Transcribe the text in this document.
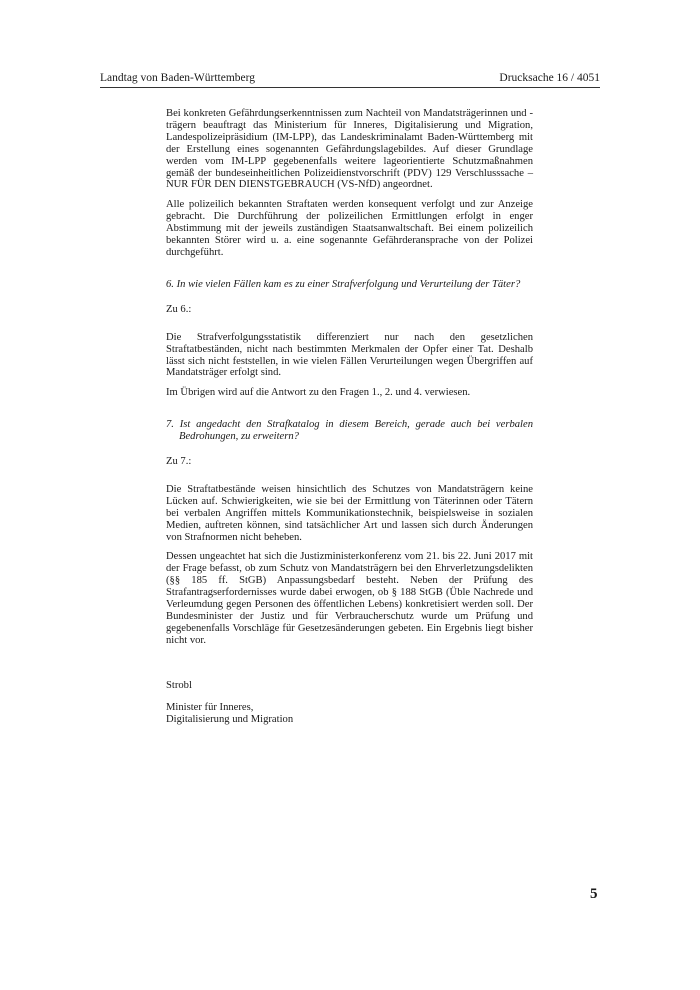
Landtag von Baden-Württemberg	Drucksache 16 / 4051

Bei konkreten Gefährdungserkenntnissen zum Nachteil von Mandatsträgerinnen und -trägern beauftragt das Ministerium für Inneres, Digitalisierung und Migration, Landespolizeipräsidium (IM-LPP), das Landeskriminalamt Baden-Württemberg mit der Erstellung eines sogenannten Gefährdungslagebildes. Auf dieser Grundlage werden vom IM-LPP gegebenenfalls weitere lageorientierte Schutzmaßnahmen gemäß der bundeseinheitlichen Polizeidienstvorschrift (PDV) 129 Verschlusssache – NUR FÜR DEN DIENSTGEBRAUCH (VS-NfD) angeordnet.

Alle polizeilich bekannten Straftaten werden konsequent verfolgt und zur Anzeige gebracht. Die Durchführung der polizeilichen Ermittlungen erfolgt in enger Abstimmung mit der jeweils zuständigen Staatsanwaltschaft. Bei einem polizeilich bekannten Störer wird u. a. eine sogenannte Gefährderansprache von der Polizei durchgeführt.

6. In wie vielen Fällen kam es zu einer Strafverfolgung und Verurteilung der Täter?

Zu 6.:

Die Strafverfolgungsstatistik differenziert nur nach den gesetzlichen Straftatbeständen, nicht nach bestimmten Merkmalen der Opfer einer Tat. Deshalb lässt sich nicht feststellen, in wie vielen Fällen Verurteilungen wegen Übergriffen auf Mandatsträger erfolgt sind.

Im Übrigen wird auf die Antwort zu den Fragen 1., 2. und 4. verwiesen.

7. Ist angedacht den Strafkatalog in diesem Bereich, gerade auch bei verbalen Bedrohungen, zu erweitern?

Zu 7.:

Die Straftatbestände weisen hinsichtlich des Schutzes von Mandatsträgern keine Lücken auf. Schwierigkeiten, wie sie bei der Ermittlung von Täterinnen oder Tätern bei verbalen Angriffen mittels Kommunikationstechnik, beispielsweise in sozialen Medien, auftreten können, sind tatsächlicher Art und lassen sich durch Änderungen von Strafnormen nicht beheben.

Dessen ungeachtet hat sich die Justizministerkonferenz vom 21. bis 22. Juni 2017 mit der Frage befasst, ob zum Schutz von Mandatsträgern bei den Ehrverletzungsdelikten (§§ 185 ff. StGB) Anpassungsbedarf besteht. Neben der Prüfung des Strafantragserfordernisses wurde dabei erwogen, ob § 188 StGB (Üble Nachrede und Verleumdung gegen Personen des öffentlichen Lebens) konkretisiert werden soll. Der Bundesminister der Justiz und für Verbraucherschutz wurde um Prüfung und gegebenenfalls Vorschläge für Gesetzesänderungen gebeten. Ein Ergebnis liegt bisher nicht vor.

Strobl

Minister für Inneres,

Digitalisierung und Migration

5
